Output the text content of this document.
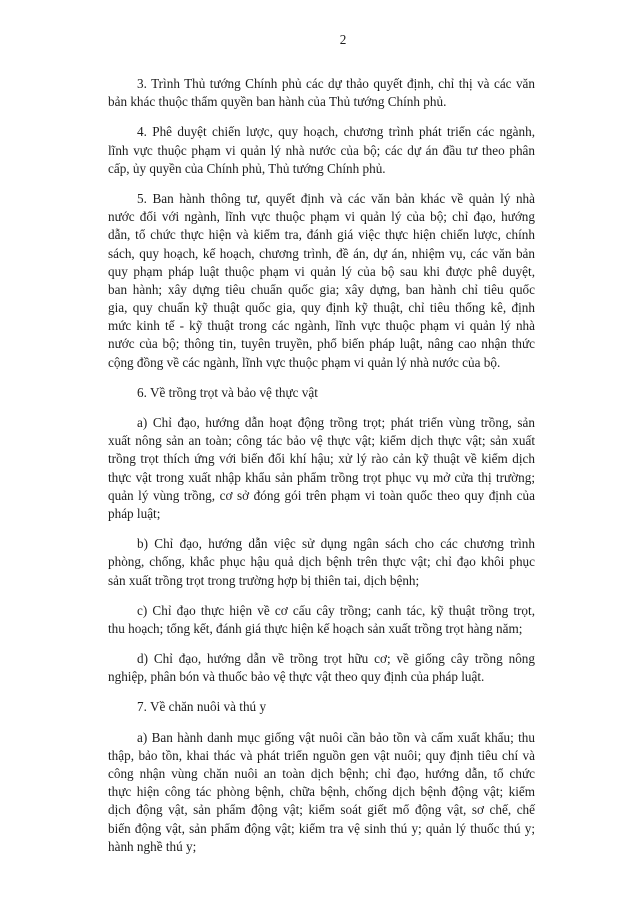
2
3. Trình Thủ tướng Chính phủ các dự thảo quyết định, chỉ thị và các văn
bản khác thuộc thẩm quyền ban hành của Thủ tướng Chính phủ.
4. Phê duyệt chiến lược, quy hoạch, chương trình phát triển các ngành,
lĩnh vực thuộc phạm vi quản lý nhà nước của bộ; các dự án đầu tư theo phân
cấp, ủy quyền của Chính phủ, Thủ tướng Chính phủ.
5. Ban hành thông tư, quyết định và các văn bản khác về quản lý nhà
nước đối với ngành, lĩnh vực thuộc phạm vi quản lý của bộ; chỉ đạo, hướng
dẫn, tổ chức thực hiện và kiểm tra, đánh giá việc thực hiện chiến lược, chính
sách, quy hoạch, kế hoạch, chương trình, đề án, dự án, nhiệm vụ, các văn bản
quy phạm pháp luật thuộc phạm vi quản lý của bộ sau khi được phê duyệt,
ban hành; xây dựng tiêu chuẩn quốc gia; xây dựng, ban hành chỉ tiêu quốc
gia, quy chuẩn kỹ thuật quốc gia, quy định kỹ thuật, chỉ tiêu thống kê, định
mức kinh tế - kỹ thuật trong các ngành, lĩnh vực thuộc phạm vi quản lý nhà
nước của bộ; thông tin, tuyên truyền, phổ biến pháp luật, nâng cao nhận thức
cộng đồng về các ngành, lĩnh vực thuộc phạm vi quản lý nhà nước của bộ.
6. Về trồng trọt và bảo vệ thực vật
a) Chỉ đạo, hướng dẫn hoạt động trồng trọt; phát triển vùng trồng, sản
xuất nông sản an toàn; công tác bảo vệ thực vật; kiểm dịch thực vật; sản xuất
trồng trọt thích ứng với biến đổi khí hậu; xử lý rào cản kỹ thuật về kiểm dịch
thực vật trong xuất nhập khẩu sản phẩm trồng trọt phục vụ mở cửa thị trường;
quản lý vùng trồng, cơ sở đóng gói trên phạm vi toàn quốc theo quy định của
pháp luật;
b) Chỉ đạo, hướng dẫn việc sử dụng ngân sách cho các chương trình
phòng, chống, khắc phục hậu quả dịch bệnh trên thực vật; chỉ đạo khôi phục
sản xuất trồng trọt trong trường hợp bị thiên tai, dịch bệnh;
c) Chỉ đạo thực hiện về cơ cấu cây trồng; canh tác, kỹ thuật trồng trọt,
thu hoạch; tổng kết, đánh giá thực hiện kế hoạch sản xuất trồng trọt hàng năm;
d) Chỉ đạo, hướng dẫn về trồng trọt hữu cơ; về giống cây trồng nông
nghiệp, phân bón và thuốc bảo vệ thực vật theo quy định của pháp luật.
7. Về chăn nuôi và thú y
a) Ban hành danh mục giống vật nuôi cần bảo tồn và cấm xuất khẩu; thu
thập, bảo tồn, khai thác và phát triển nguồn gen vật nuôi; quy định tiêu chí và
công nhận vùng chăn nuôi an toàn dịch bệnh; chỉ đạo, hướng dẫn, tổ chức
thực hiện công tác phòng bệnh, chữa bệnh, chống dịch bệnh động vật; kiểm
dịch động vật, sản phẩm động vật; kiểm soát giết mổ động vật, sơ chế, chế
biến động vật, sản phẩm động vật; kiểm tra vệ sinh thú y; quản lý thuốc thú y;
hành nghề thú y;
